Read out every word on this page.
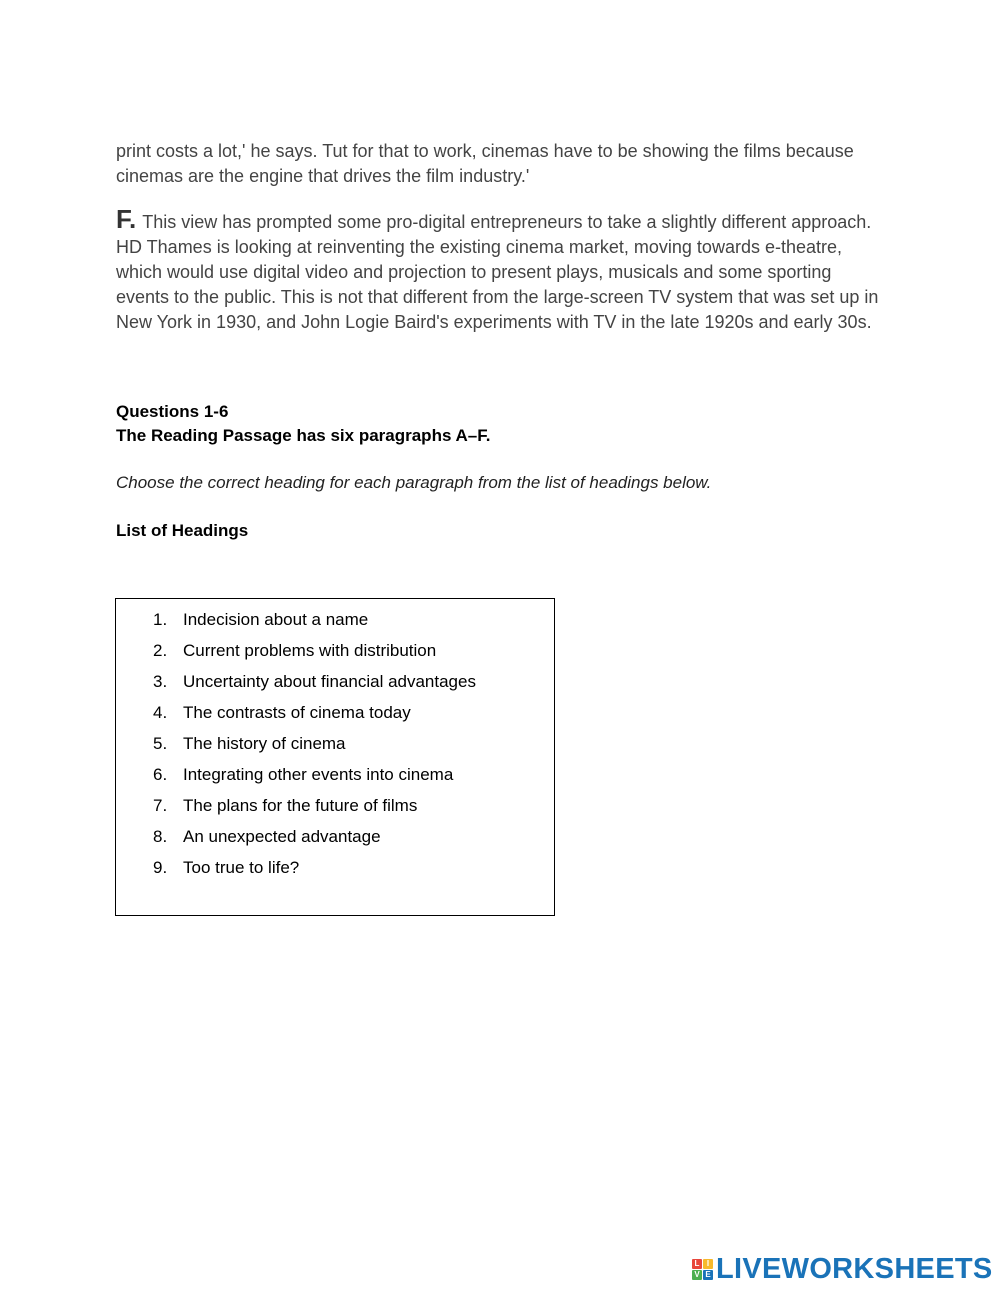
print costs a lot,' he says. Tut for that to work, cinemas have to be showing the films because cinemas are the engine that drives the film industry.'

F. This view has prompted some pro-digital entrepreneurs to take a slightly different approach. HD Thames is looking at reinventing the existing cinema market, moving towards e-theatre, which would use digital video and projection to present plays, musicals and some sporting events to the public. This is not that different from the large-screen TV system that was set up in New York in 1930, and John Logie Baird's experiments with TV in the late 1920s and early 30s.

Questions 1-6

The Reading Passage has six paragraphs A–F.

Choose the correct heading for each paragraph from the list of headings below.

List of Headings

1. Indecision about a name
2. Current problems with distribution
3. Uncertainty about financial advantages
4. The contrasts of cinema today
5. The history of cinema
6. Integrating other events into cinema
7. The plans for the future of films
8. An unexpected advantage
9. Too true to life?
L I
V E LIVEWORKSHEETS
